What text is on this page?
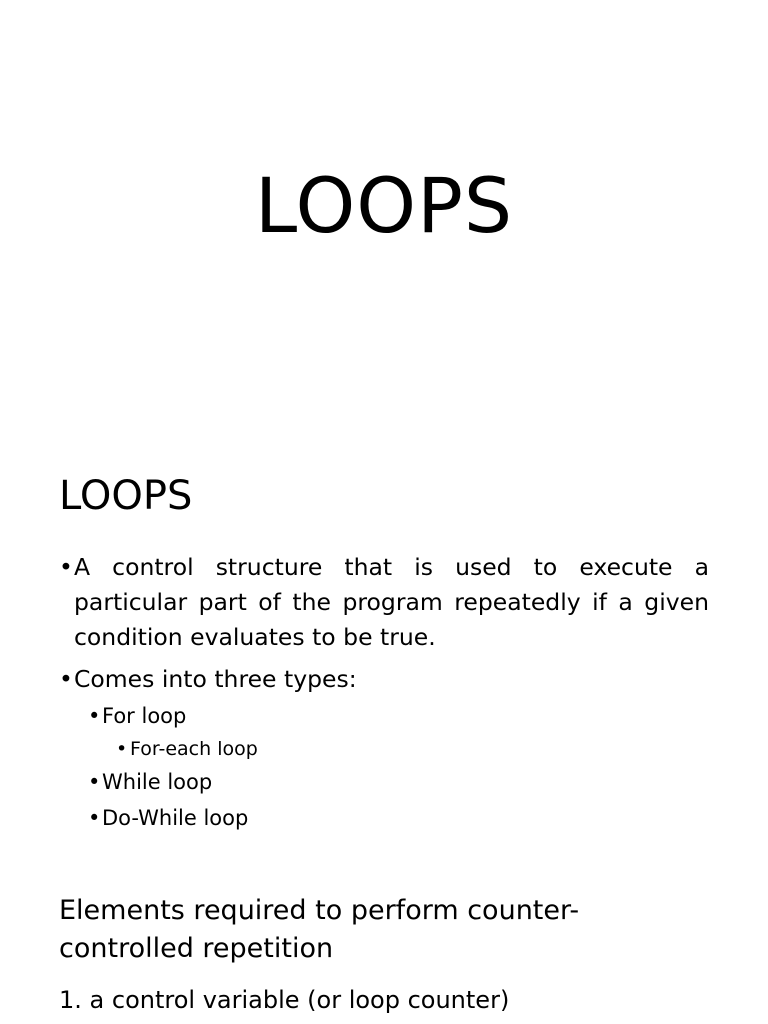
LOOPS
LOOPS
• A control structure that is used to execute a particular part of the program repeatedly if a given condition evaluates to be true.
• Comes into three types:
• For loop
• For-each loop
• While loop
• Do-While loop
Elements required to perform counter-controlled repetition
1. a control variable (or loop counter)
